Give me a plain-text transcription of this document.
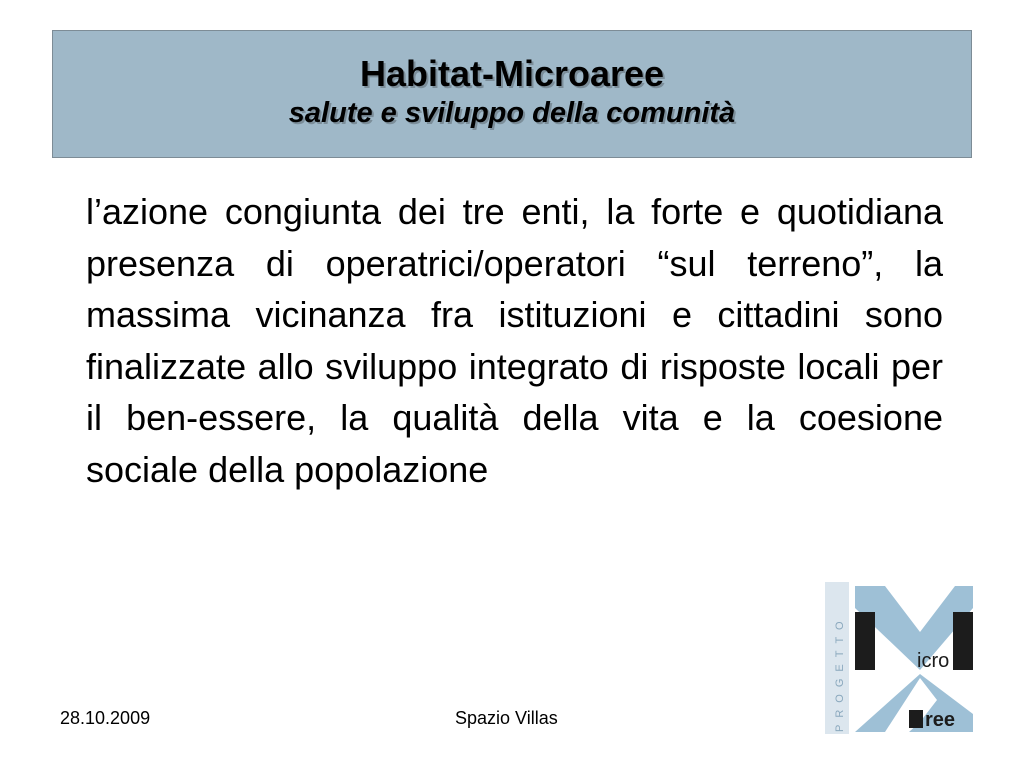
Habitat-Microaree
salute e sviluppo della comunità
l’azione congiunta dei tre enti, la forte e quotidiana presenza di operatrici/operatori “sul terreno”, la massima vicinanza fra istituzioni e cittadini sono finalizzate allo sviluppo integrato di risposte locali per il ben-essere, la qualità della vita e la coesione sociale della popolazione
28.10.2009	Spazio Villas	PROGETTO	icro
ree
